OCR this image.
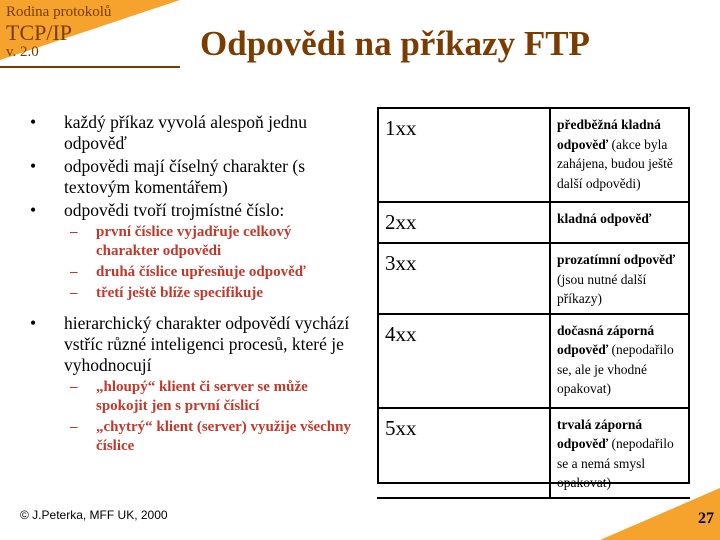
Rodina protokolů
TCP/IP
v. 2.0	Odpovědi na příkazy FTP
• každý příkaz vyvolá alespoň jednu odpověď
• odpovědi mají číselný charakter (s textovým komentářem)
• odpovědi tvoří trojmístné číslo:
– první číslice vyjadřuje celkový charakter odpovědi
– druhá číslice upřesňuje odpověď
– třetí ještě blíže specifikuje
• hierarchický charakter odpovědí vychází vstříc různé inteligenci procesů, které je vyhodnocují
– „hloupý“ klient či server se může spokojit jen s první číslicí
– „chytrý“ klient (server) využije všechny číslice
1xx	předběžná kladná odpověď (akce byla zahájena, budou ještě další odpovědi)
2xx	kladná odpověď
3xx	prozatímní odpověď (jsou nutné další příkazy)
4xx	dočasná záporná odpověď (nepodařilo se, ale je vhodné opakovat)
5xx	trvalá záporná odpověď (nepodařilo se a nemá smysl opakovat)
© J.Peterka, MFF UK, 2000	27
